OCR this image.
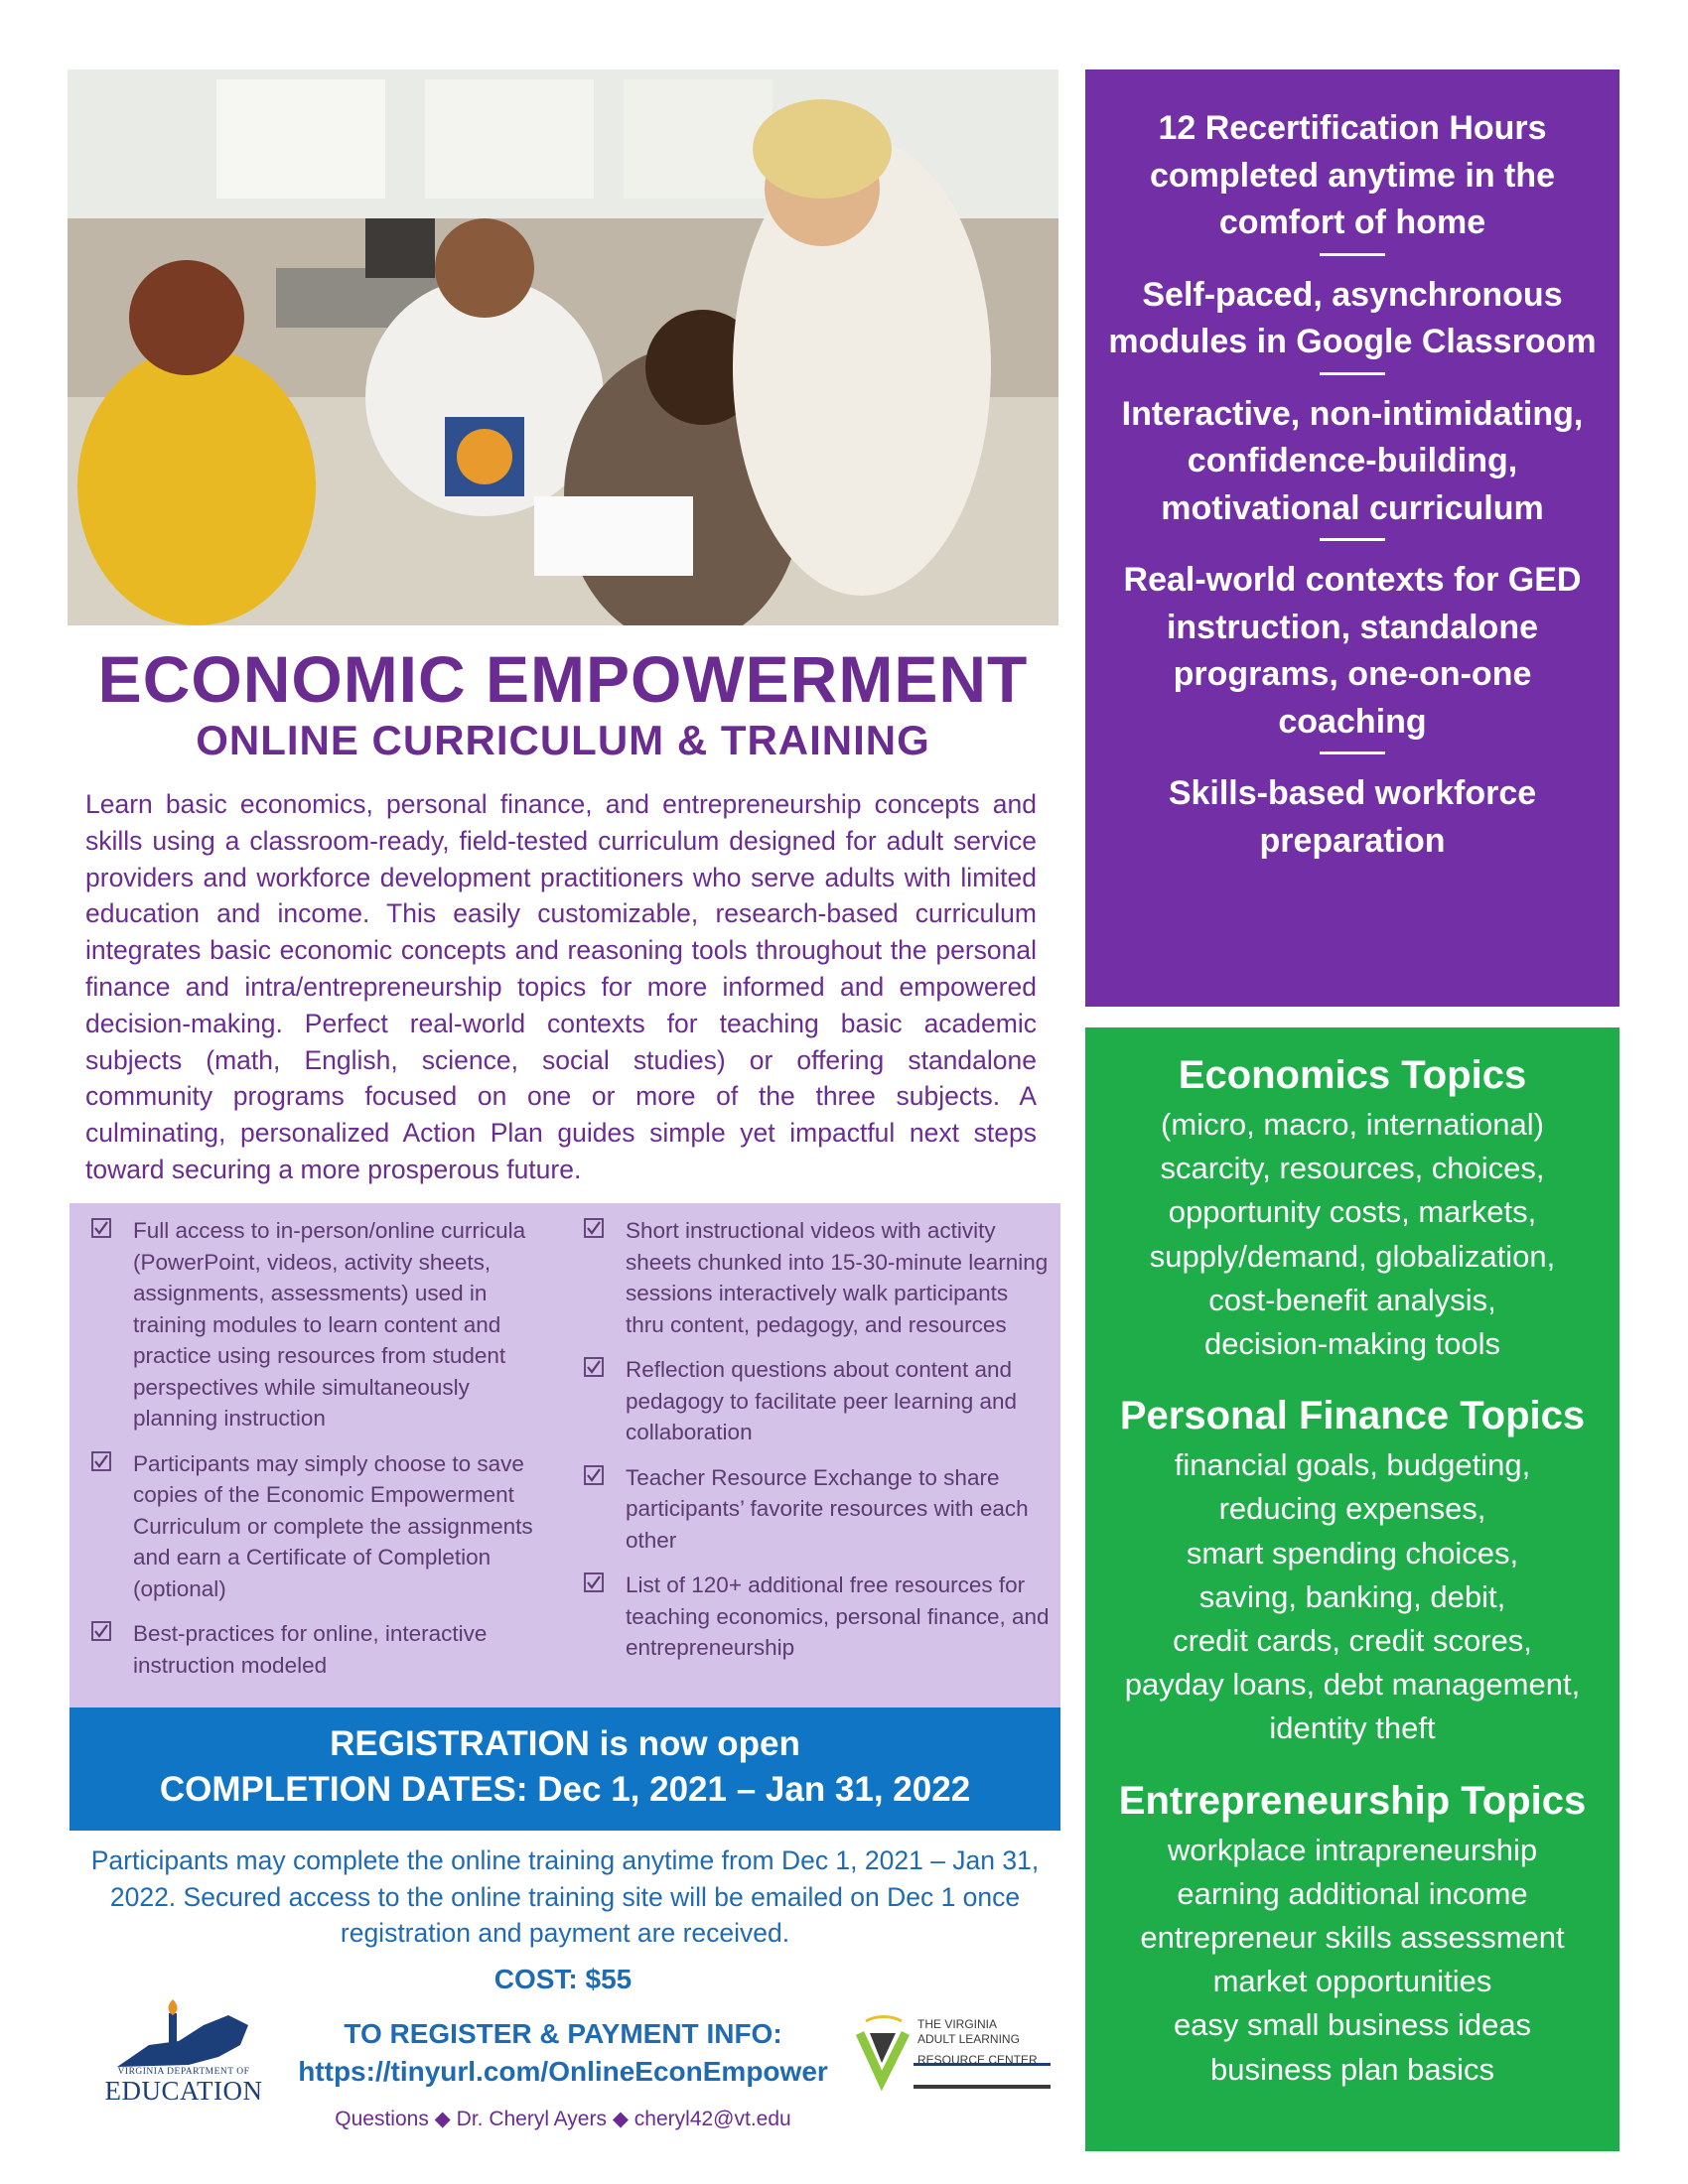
ECONOMIC EMPOWERMENT
ONLINE CURRICULUM & TRAINING
Learn basic economics, personal finance, and entrepreneurship concepts and skills using a classroom-ready, field-tested curriculum designed for adult service providers and workforce development practitioners who serve adults with limited education and income. This easily customizable, research-based curriculum integrates basic economic concepts and reasoning tools throughout the personal finance and intra/entrepreneurship topics for more informed and empowered decision-making. Perfect real-world contexts for teaching basic academic subjects (math, English, science, social studies) or offering standalone community programs focused on one or more of the three subjects. A culminating, personalized Action Plan guides simple yet impactful next steps toward securing a more prosperous future.
Full access to in-person/online curricula (PowerPoint, videos, activity sheets, assignments, assessments) used in training modules to learn content and practice using resources from student perspectives while simultaneously planning instruction
Participants may simply choose to save copies of the Economic Empowerment Curriculum or complete the assignments and earn a Certificate of Completion (optional)
Best-practices for online, interactive instruction modeled
Short instructional videos with activity sheets chunked into 15-30-minute learning sessions interactively walk participants thru content, pedagogy, and resources
Reflection questions about content and pedagogy to facilitate peer learning and collaboration
Teacher Resource Exchange to share participants’ favorite resources with each other
List of 120+ additional free resources for teaching economics, personal finance, and entrepreneurship
REGISTRATION is now open
COMPLETION DATES: Dec 1, 2021 – Jan 31, 2022
Participants may complete the online training anytime from Dec 1, 2021 – Jan 31, 2022. Secured access to the online training site will be emailed on Dec 1 once registration and payment are received.
COST: $55
TO REGISTER & PAYMENT INFO:
https://tinyurl.com/OnlineEconEmpower
Questions ◆ Dr. Cheryl Ayers ◆ cheryl42@vt.edu
VIRGINIA DEPARTMENT OF
EDUCATION
THE VIRGINIA
ADULT LEARNING
RESOURCE CENTER
12 Recertification Hours completed anytime in the comfort of home
Self-paced, asynchronous modules in Google Classroom
Interactive, non-intimidating, confidence-building, motivational curriculum
Real-world contexts for GED instruction, standalone programs, one-on-one coaching
Skills-based workforce preparation
Economics Topics
(micro, macro, international)
scarcity, resources, choices,
opportunity costs, markets,
supply/demand, globalization,
cost-benefit analysis,
decision-making tools
Personal Finance Topics
financial goals, budgeting,
reducing expenses,
smart spending choices,
saving, banking, debit,
credit cards, credit scores,
payday loans, debt management,
identity theft
Entrepreneurship Topics
workplace intrapreneurship
earning additional income
entrepreneur skills assessment
market opportunities
easy small business ideas
business plan basics
